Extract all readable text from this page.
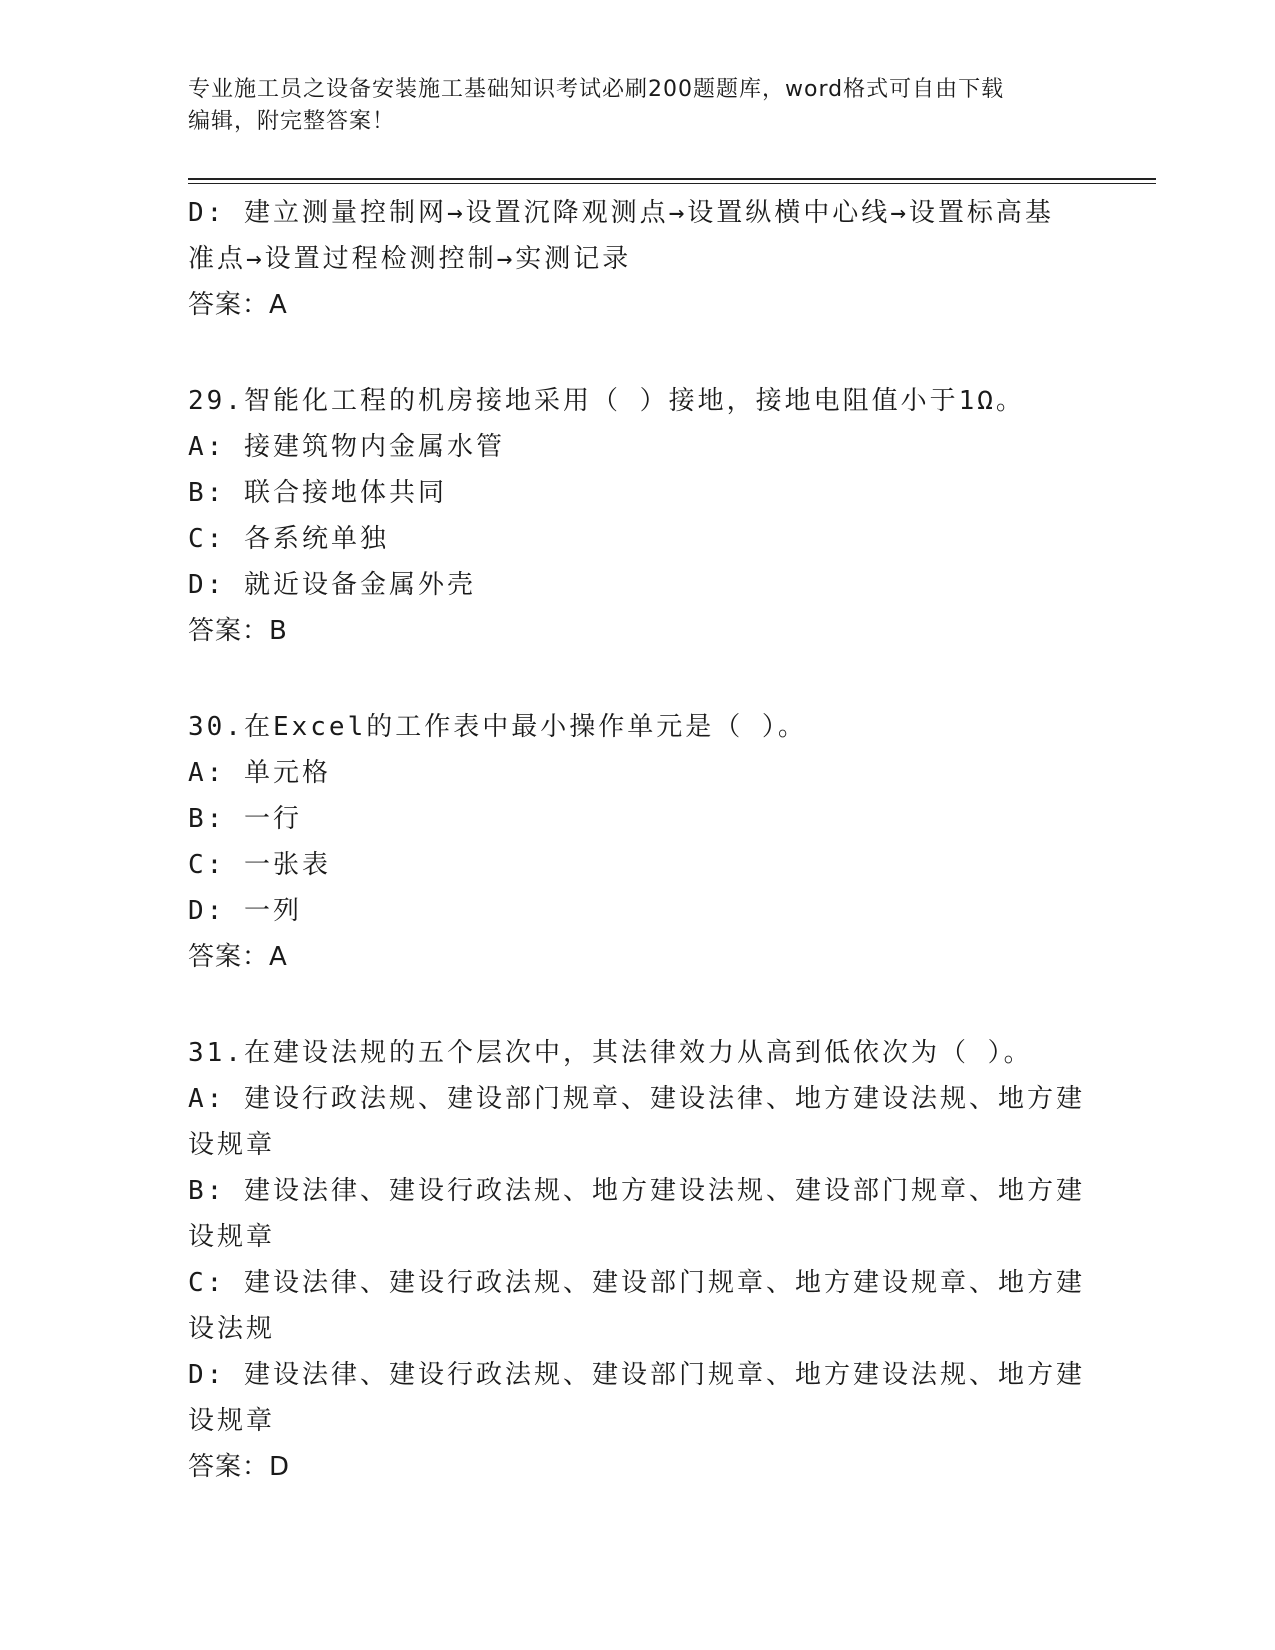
专业施工员之设备安装施工基础知识考试必刷200题题库，word格式可自由下载
编辑，附完整答案！
D: 建立测量控制网→设置沉降观测点→设置纵横中心线→设置标高基
准点→设置过程检测控制→实测记录
答案：A
29.智能化工程的机房接地采用（ ）接地，接地电阻值小于1Ω。
A: 接建筑物内金属水管
B: 联合接地体共同
C: 各系统单独
D: 就近设备金属外壳
答案：B
30.在Excel的工作表中最小操作单元是（ ）。
A: 单元格
B: 一行
C: 一张表
D: 一列
答案：A
31.在建设法规的五个层次中，其法律效力从高到低依次为（ ）。
A: 建设行政法规、建设部门规章、建设法律、地方建设法规、地方建
设规章
B: 建设法律、建设行政法规、地方建设法规、建设部门规章、地方建
设规章
C: 建设法律、建设行政法规、建设部门规章、地方建设规章、地方建
设法规
D: 建设法律、建设行政法规、建设部门规章、地方建设法规、地方建
设规章
答案：D
